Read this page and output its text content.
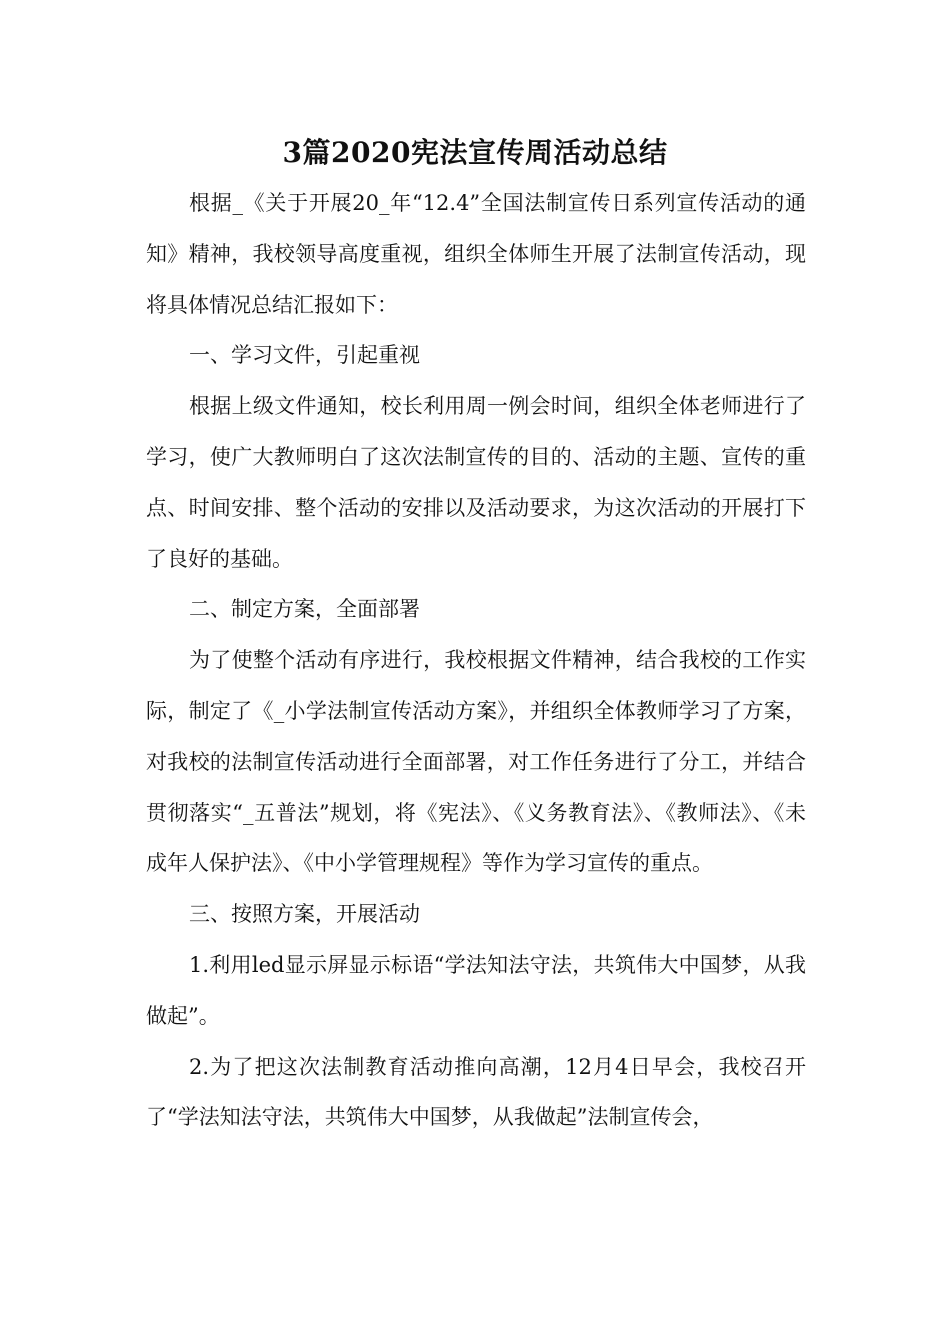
3篇2020宪法宣传周活动总结

根据_《关于开展20_年“12.4”全国法制宣传日系列宣传活动的通知》精神，我校领导高度重视，组织全体师生开展了法制宣传活动，现将具体情况总结汇报如下：

一、学习文件，引起重视

根据上级文件通知，校长利用周一例会时间，组织全体老师进行了学习，使广大教师明白了这次法制宣传的目的、活动的主题、宣传的重点、时间安排、整个活动的安排以及活动要求，为这次活动的开展打下了良好的基础。

二、制定方案，全面部署

为了使整个活动有序进行，我校根据文件精神，结合我校的工作实际，制定了《_小学法制宣传活动方案》，并组织全体教师学习了方案，对我校的法制宣传活动进行全面部署，对工作任务进行了分工，并结合贯彻落实“_五普法”规划，将《宪法》、《义务教育法》、《教师法》、《未成年人保护法》、《中小学管理规程》等作为学习宣传的重点。

三、按照方案，开展活动

1.利用led显示屏显示标语“学法知法守法，共筑伟大中国梦，从我做起”。

2.为了把这次法制教育活动推向高潮，12月4日早会，我校召开了“学法知法守法，共筑伟大中国梦，从我做起”法制宣传会，
